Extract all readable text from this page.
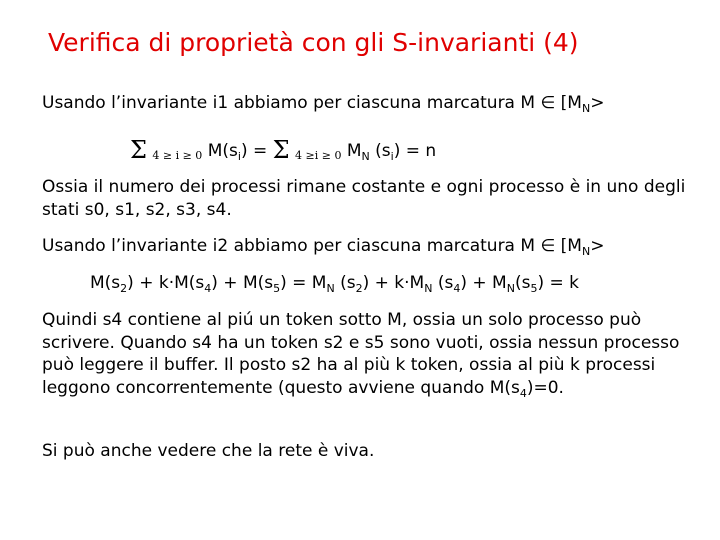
Verifica di proprietà con gli S-invarianti (4)
Usando l’invariante i1 abbiamo per ciascuna marcatura M ∈ [$M_N>$
Σ 4 ≥ i ≥ 0 $M(s_i) = \Sigma$ 4 ≥i ≥ 0 $M_N$ $(s_i) = n$
Ossia il numero dei processi rimane costante e ogni processo è in uno degli stati s0, s1, s2, s3, s4.
Usando l’invariante i2 abbiamo per ciascuna marcatura M ∈ [$M_N>$
$M(s_2) + k\cdot M(s_4) + M(s_5) = M_N$ $(s_2) + k\cdot M_N$ $(s_4) + M_N(s_5) = k$
Quindi s4 contiene al piú un token sotto M, ossia un solo processo può scrivere. Quando s4 ha un token s2 e s5 sono vuoti, ossia nessun processo può leggere il buffer. Il posto s2 ha al più k token, ossia al più k processi leggono concorrentemente (questo avviene quando $M(s_4)=0$.
Si può anche vedere che la rete è viva.
